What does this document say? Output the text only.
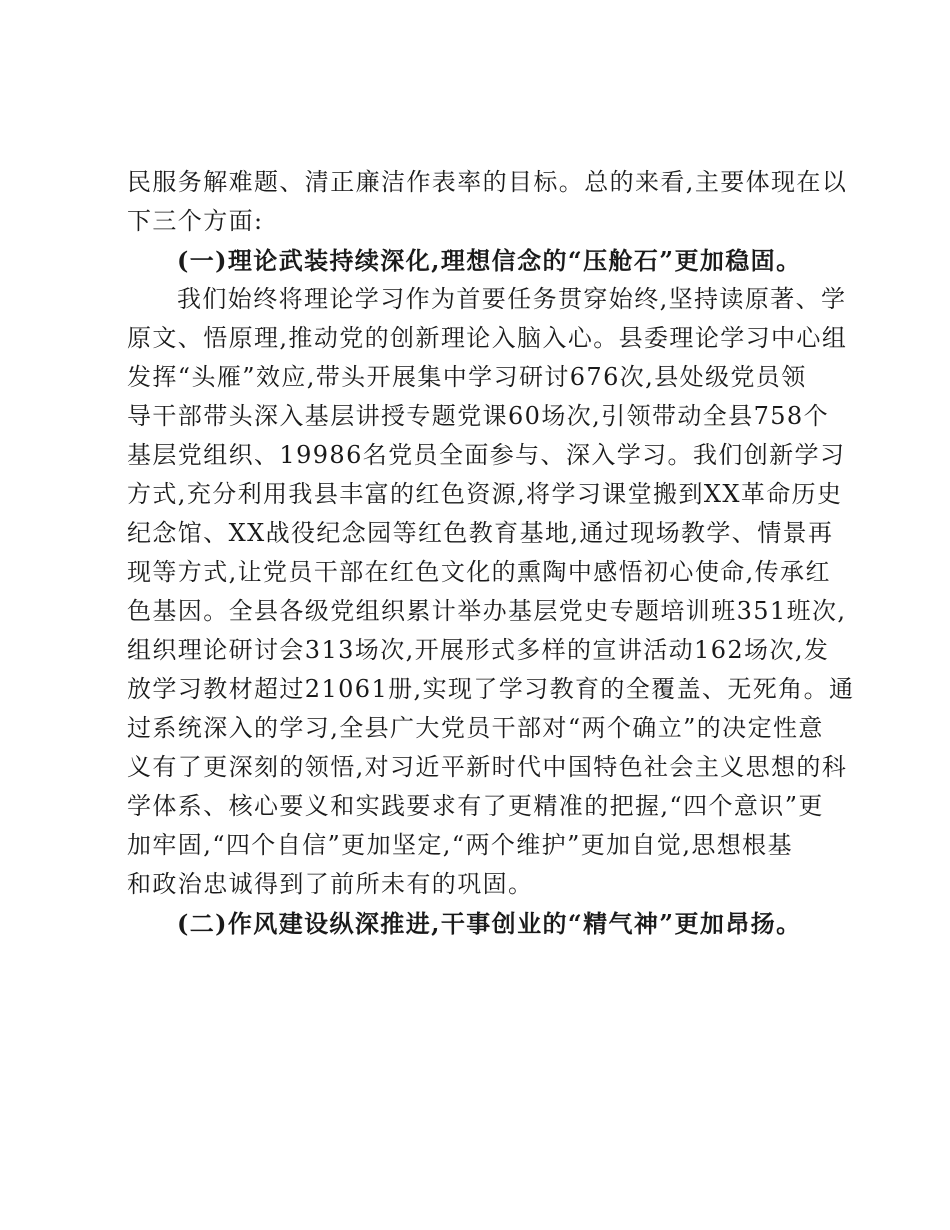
民服务解难题、清正廉洁作表率的目标。总的来看,主要体现在以
下三个方面:
(一)理论武装持续深化,理想信念的“压舱石”更加稳固。
我们始终将理论学习作为首要任务贯穿始终,坚持读原著、学
原文、悟原理,推动党的创新理论入脑入心。县委理论学习中心组
发挥“头雁”效应,带头开展集中学习研讨676次,县处级党员领
导干部带头深入基层讲授专题党课60场次,引领带动全县758个
基层党组织、19986名党员全面参与、深入学习。我们创新学习
方式,充分利用我县丰富的红色资源,将学习课堂搬到XX革命历史
纪念馆、XX战役纪念园等红色教育基地,通过现场教学、情景再
现等方式,让党员干部在红色文化的熏陶中感悟初心使命,传承红
色基因。全县各级党组织累计举办基层党史专题培训班351班次,
组织理论研讨会313场次,开展形式多样的宣讲活动162场次,发
放学习教材超过21061册,实现了学习教育的全覆盖、无死角。通
过系统深入的学习,全县广大党员干部对“两个确立”的决定性意
义有了更深刻的领悟,对习近平新时代中国特色社会主义思想的科
学体系、核心要义和实践要求有了更精准的把握,“四个意识”更
加牢固,“四个自信”更加坚定,“两个维护”更加自觉,思想根基
和政治忠诚得到了前所未有的巩固。
(二)作风建设纵深推进,干事创业的“精气神”更加昂扬。
